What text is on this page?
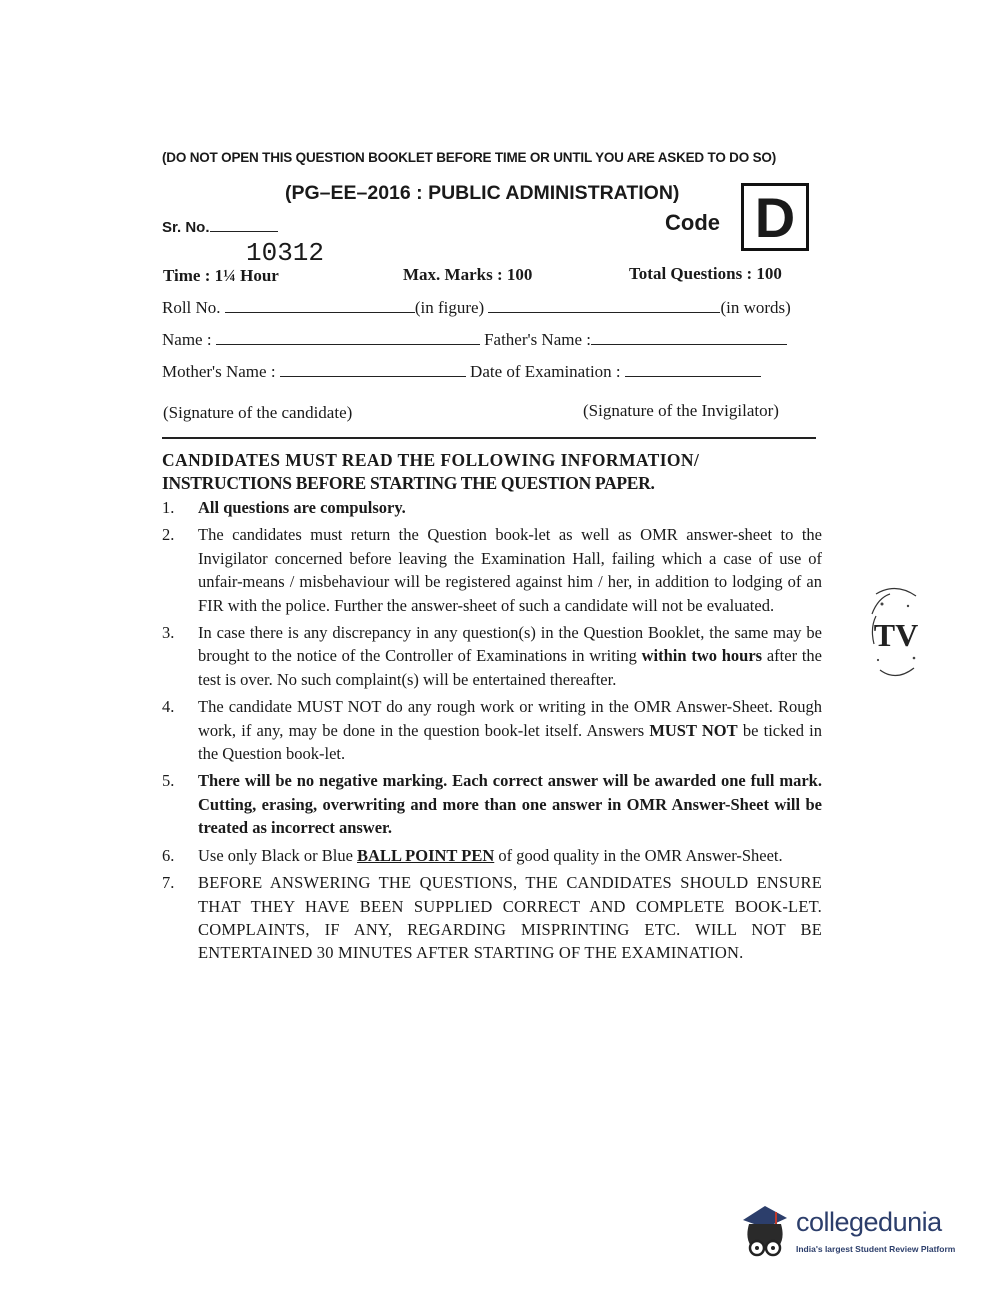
(DO NOT OPEN THIS QUESTION BOOKLET BEFORE TIME OR UNTIL YOU ARE ASKED TO DO SO)
(PG–EE–2016 : PUBLIC ADMINISTRATION)
Code D
Sr. No.
10312
Time : 1¼ Hour	Max. Marks : 100	Total Questions : 100
Roll No.	(in figure)	(in words)
Name :	Father's Name :
Mother's Name :	Date of Examination :
(Signature of the candidate)	(Signature of the Invigilator)
CANDIDATES MUST READ THE FOLLOWING INFORMATION/
INSTRUCTIONS BEFORE STARTING THE QUESTION PAPER.
1. All questions are compulsory.
2. The candidates must return the Question book-let as well as OMR answer-sheet to the Invigilator concerned before leaving the Examination Hall, failing which a case of use of unfair-means / misbehaviour will be registered against him / her, in addition to lodging of an FIR with the police. Further the answer-sheet of such a candidate will not be evaluated.
3. In case there is any discrepancy in any question(s) in the Question Booklet, the same may be brought to the notice of the Controller of Examinations in writing within two hours after the test is over. No such complaint(s) will be entertained thereafter.
4. The candidate MUST NOT do any rough work or writing in the OMR Answer-Sheet. Rough work, if any, may be done in the question book-let itself. Answers MUST NOT be ticked in the Question book-let.
5. There will be no negative marking. Each correct answer will be awarded one full mark. Cutting, erasing, overwriting and more than one answer in OMR Answer-Sheet will be treated as incorrect answer.
6. Use only Black or Blue BALL POINT PEN of good quality in the OMR Answer-Sheet.
7. BEFORE ANSWERING THE QUESTIONS, THE CANDIDATES SHOULD ENSURE THAT THEY HAVE BEEN SUPPLIED CORRECT AND COMPLETE BOOK-LET. COMPLAINTS, IF ANY, REGARDING MISPRINTING ETC. WILL NOT BE ENTERTAINED 30 MINUTES AFTER STARTING OF THE EXAMINATION.
TV
collegedunia
India's largest Student Review Platform
